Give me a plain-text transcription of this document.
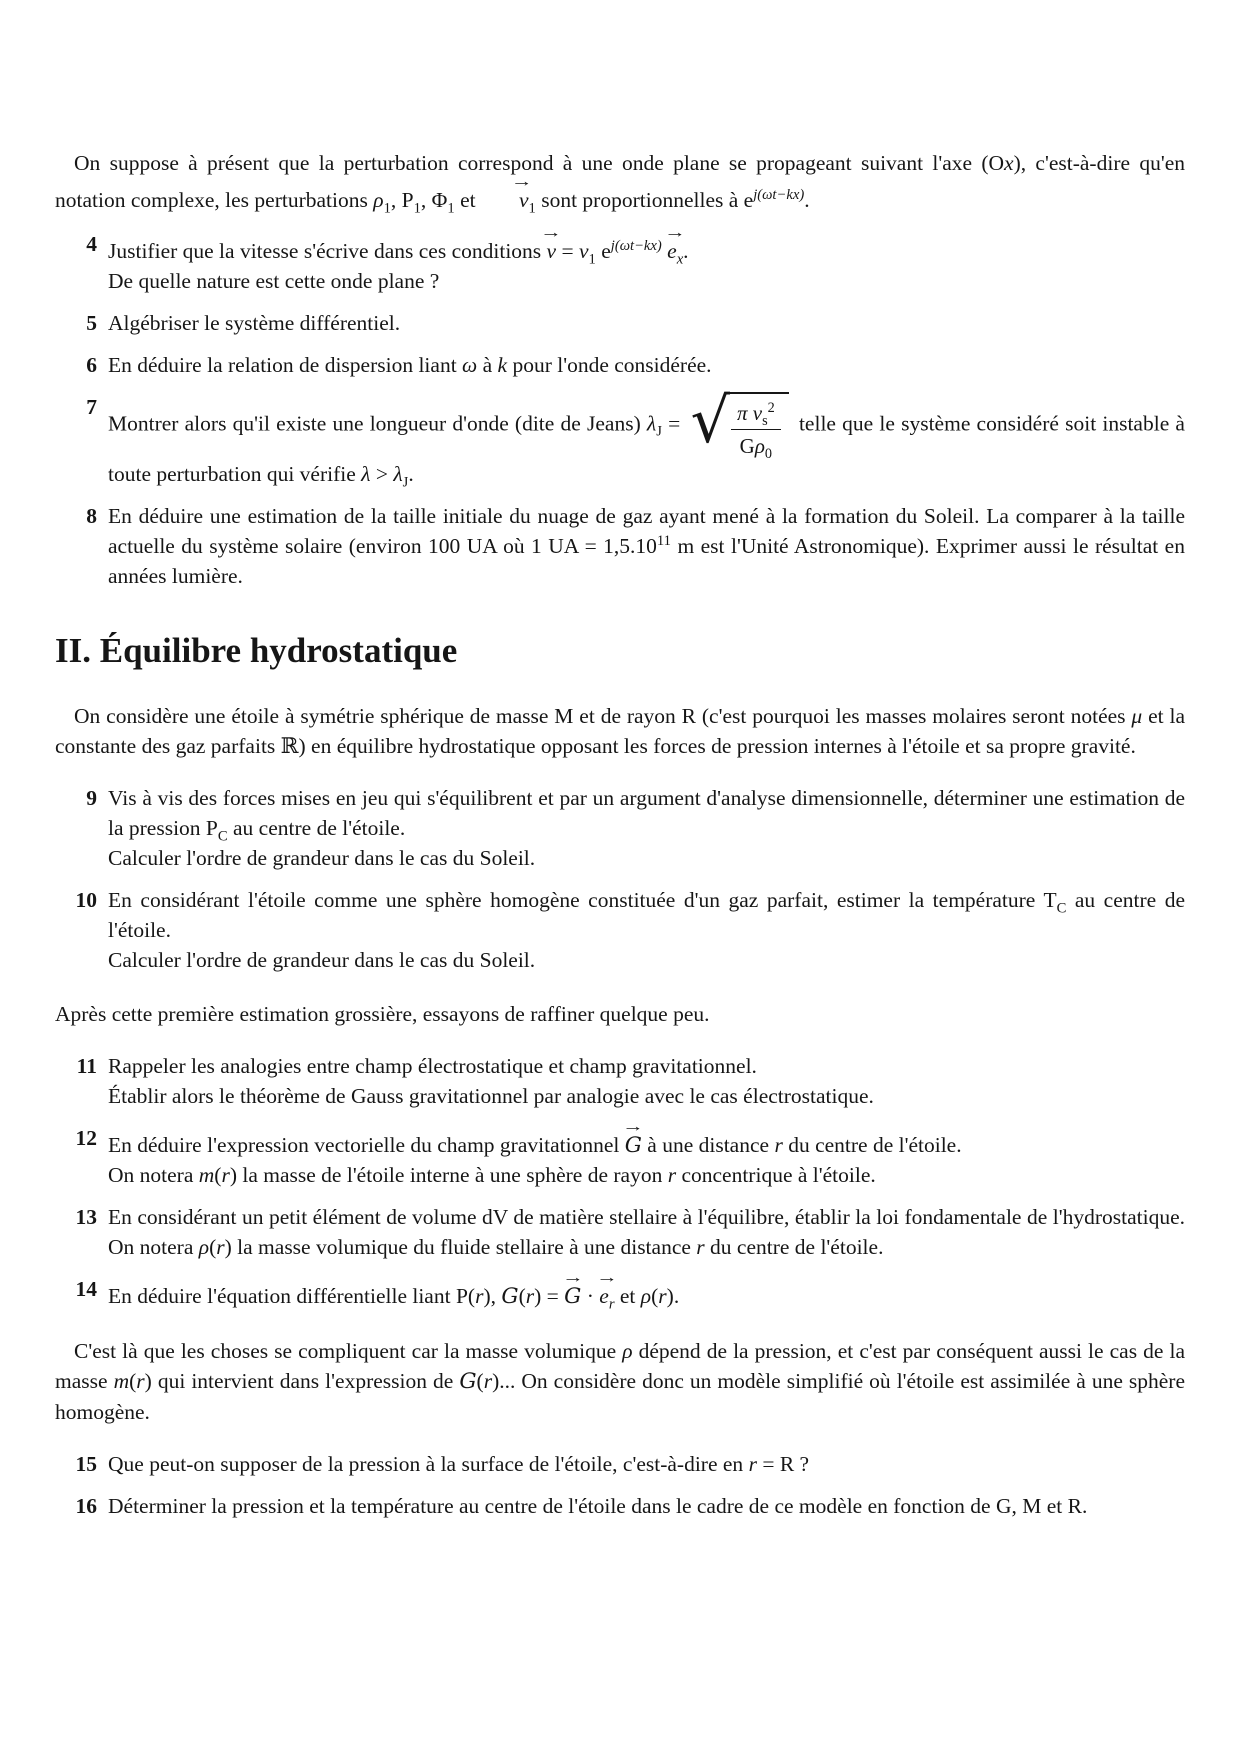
On suppose à présent que la perturbation correspond à une onde plane se propageant suivant l'axe (Ox), c'est-à-dire qu'en notation complexe, les perturbations $\rho_1$, $P_1$, $\Phi_1$ et
→
$v_1$ sont proportionnelles à $e^{j(\omega t-kx)}$.

4 Justifier que la vitesse s'écrive dans ces conditions
→
$v = v_1$ $e^{j(\omega t-kx)}$
→
$e_x$.
De quelle nature est cette onde plane ?
5 Algébriser le système différentiel.
6 En déduire la relation de dispersion liant ω à k pour l'onde considérée.
7
Montrer alors qu'il existe une longueur d'onde (dite de Jeans) $\lambda_J$ = √ $\frac{\pi v_s^2}{G\rho_0}$ telle que le système considéré soit instable à toute perturbation qui vérifie $\lambda > \lambda_J$.
8 En déduire une estimation de la taille initiale du nuage de gaz ayant mené à la formation du Soleil. La comparer à la taille actuelle du système solaire (environ 100 UA où 1 UA = $1,5.10^{11}$ m est l'Unité Astronomique). Exprimer aussi le résultat en années lumière.
II. Équilibre hydrostatique

On considère une étoile à symétrie sphérique de masse M et de rayon R (c'est pourquoi les masses molaires seront notées μ et la constante des gaz parfaits ℝ) en équilibre hydrostatique opposant les forces de pression internes à l'étoile et sa propre gravité.

9 Vis à vis des forces mises en jeu qui s'équilibrent et par un argument d'analyse dimensionnelle, déterminer une estimation de la pression $P_C$ au centre de l'étoile.
Calculer l'ordre de grandeur dans le cas du Soleil.
10 En considérant l'étoile comme une sphère homogène constituée d'un gaz parfait, estimer la température $T_C$ au centre de l'étoile.
Calculer l'ordre de grandeur dans le cas du Soleil.

Après cette première estimation grossière, essayons de raffiner quelque peu.

11 Rappeler les analogies entre champ électrostatique et champ gravitationnel.
Établir alors le théorème de Gauss gravitationnel par analogie avec le cas électrostatique.
12 En déduire l'expression vectorielle du champ gravitationnel
→
G à une distance r du centre de l'étoile.
On notera m(r) la masse de l'étoile interne à une sphère de rayon r concentrique à l'étoile.
13 En considérant un petit élément de volume dV de matière stellaire à l'équilibre, établir la loi fondamentale de l'hydrostatique. On notera ρ(r) la masse volumique du fluide stellaire à une distance r du centre de l'étoile.
14 En déduire l'équation différentielle liant P(r), G(r) =
→
G ·
→
$e_r$ et ρ(r).

C'est là que les choses se compliquent car la masse volumique ρ dépend de la pression, et c'est par conséquent aussi le cas de la masse m(r) qui intervient dans l'expression de G(r)... On considère donc un modèle simplifié où l'étoile est assimilée à une sphère homogène.

15 Que peut-on supposer de la pression à la surface de l'étoile, c'est-à-dire en r = R ?
16 Déterminer la pression et la température au centre de l'étoile dans le cadre de ce modèle en fonction de G, M et R.
